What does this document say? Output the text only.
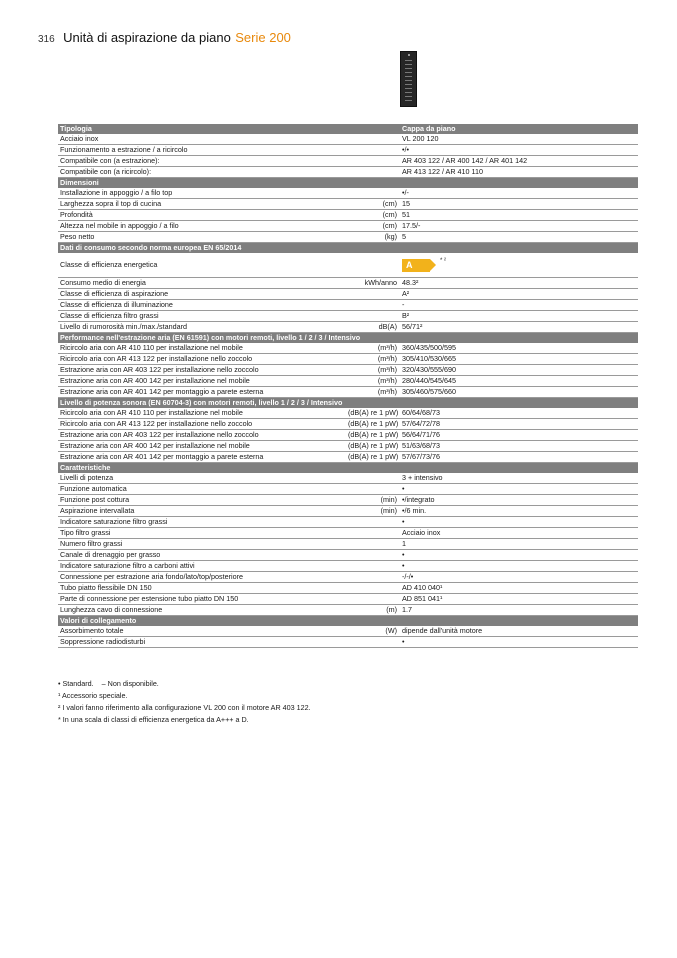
316 Unità di aspirazione da piano Serie 200
Tipologia		Cappa da piano
Acciaio inox		VL 200 120
Funzionamento a estrazione / a ricircolo		•/•
Compatibile con (a estrazione):		AR 403 122 / AR 400 142 / AR 401 142
Compatibile con (a ricircolo):		AR 413 122 / AR 410 110
Dimensioni		
Installazione in appoggio / a filo top		•/-
Larghezza sopra il top di cucina	(cm)	15
Profondità	(cm)	51
Altezza nel mobile in appoggio / a filo	(cm)	17.5/-
Peso netto	(kg)	5
Dati di consumo secondo norma europea EN 65/2014		
Classe di efficienza energetica		A * ²

Consumo medio di energia	kWh/anno	48.3²
Classe di efficienza di aspirazione		A²
Classe di efficienza di illuminazione		-
Classe di efficienza filtro grassi		B²
Livello di rumorosità min./max./standard	dB(A)	56/71²
Performance nell'estrazione aria (EN 61591) con motori remoti, livello 1 / 2 / 3 / Intensivo		
Ricircolo aria con AR 410 110 per installazione nel mobile	(m³/h)	360/435/500/595
Ricircolo aria con AR 413 122 per installazione nello zoccolo	(m³/h)	305/410/530/665
Estrazione aria con AR 403 122 per installazione nello zoccolo	(m³/h)	320/430/555/690
Estrazione aria con AR 400 142 per installazione nel mobile	(m³/h)	280/440/545/645
Estrazione aria con AR 401 142 per montaggio a parete esterna	(m³/h)	305/460/575/660
Livello di potenza sonora (EN 60704-3) con motori remoti, livello 1 / 2 / 3 / Intensivo		
Ricircolo aria con AR 410 110 per installazione nel mobile	(dB(A) re 1 pW)	60/64/68/73
Ricircolo aria con AR 413 122 per installazione nello zoccolo	(dB(A) re 1 pW)	57/64/72/78
Estrazione aria con AR 403 122 per installazione nello zoccolo	(dB(A) re 1 pW)	56/64/71/76
Estrazione aria con AR 400 142 per installazione nel mobile	(dB(A) re 1 pW)	51/63/68/73
Estrazione aria con AR 401 142 per montaggio a parete esterna	(dB(A) re 1 pW)	57/67/73/76
Caratteristiche		
Livelli di potenza		3 + intensivo
Funzione automatica		•
Funzione post cottura	(min)	•/integrato
Aspirazione intervallata	(min)	•/6 min.
Indicatore saturazione filtro grassi		•
Tipo filtro grassi		Acciaio inox
Numero filtro grassi		1
Canale di drenaggio per grasso		•
Indicatore saturazione filtro a carboni attivi		•
Connessione per estrazione aria fondo/lato/top/posteriore		-/-/•
Tubo piatto flessibile DN 150		AD 410 040¹
Parte di connessione per estensione tubo piatto DN 150		AD 851 041¹
Lunghezza cavo di connessione	(m)	1.7
Valori di collegamento		
Assorbimento totale	(W)	dipende dall'unità motore
Soppressione radiodisturbi		•
• Standard.    – Non disponibile.
¹ Accessorio speciale.
² I valori fanno riferimento alla configurazione VL 200 con il motore AR 403 122.
* In una scala di classi di efficienza energetica da A+++ a D.
